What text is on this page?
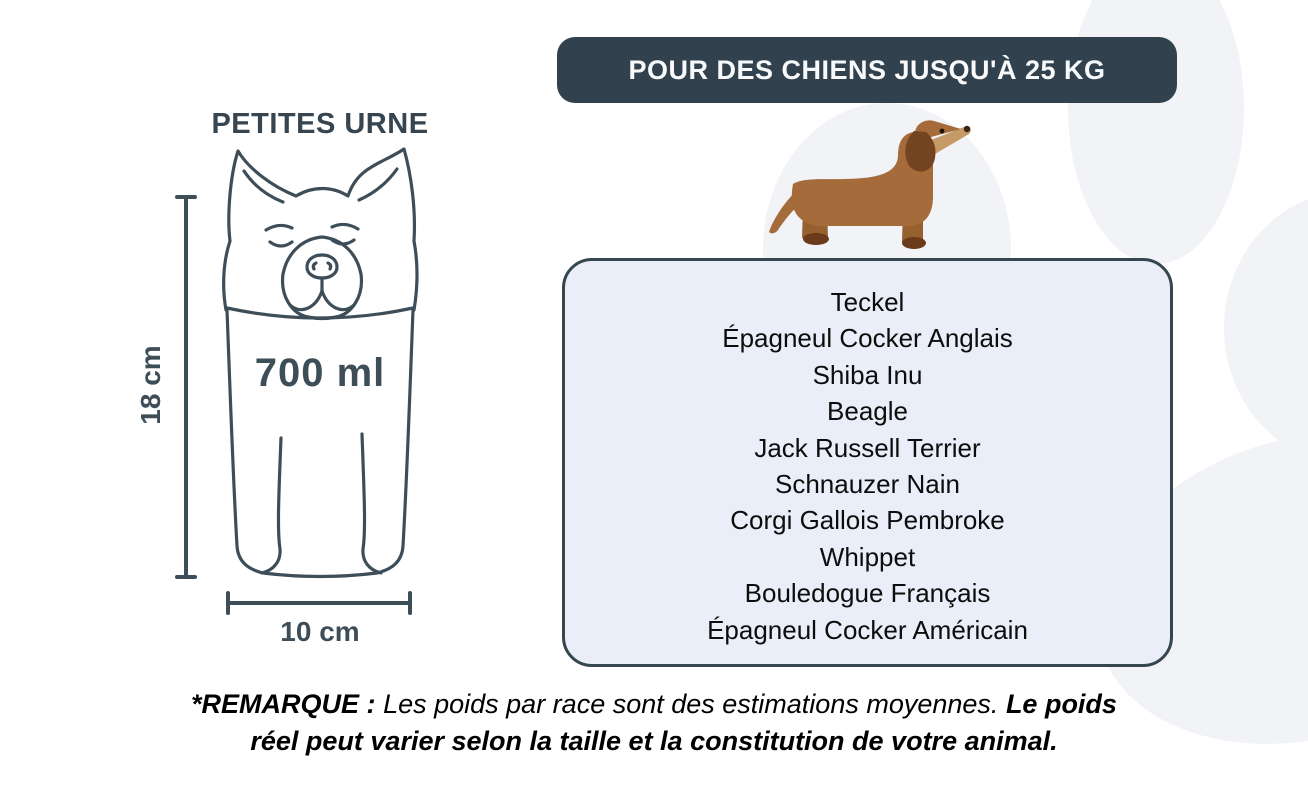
POUR DES CHIENS JUSQU'À 25 KG
PETITES URNE
18 cm 700 ml
10 cm
Teckel
Épagneul Cocker Anglais
Shiba Inu
Beagle
Jack Russell Terrier
Schnauzer Nain
Corgi Gallois Pembroke
Whippet
Bouledogue Français
Épagneul Cocker Américain
*REMARQUE : Les poids par race sont des estimations moyennes. Le poids réel peut varier selon la taille et la constitution de votre animal.
